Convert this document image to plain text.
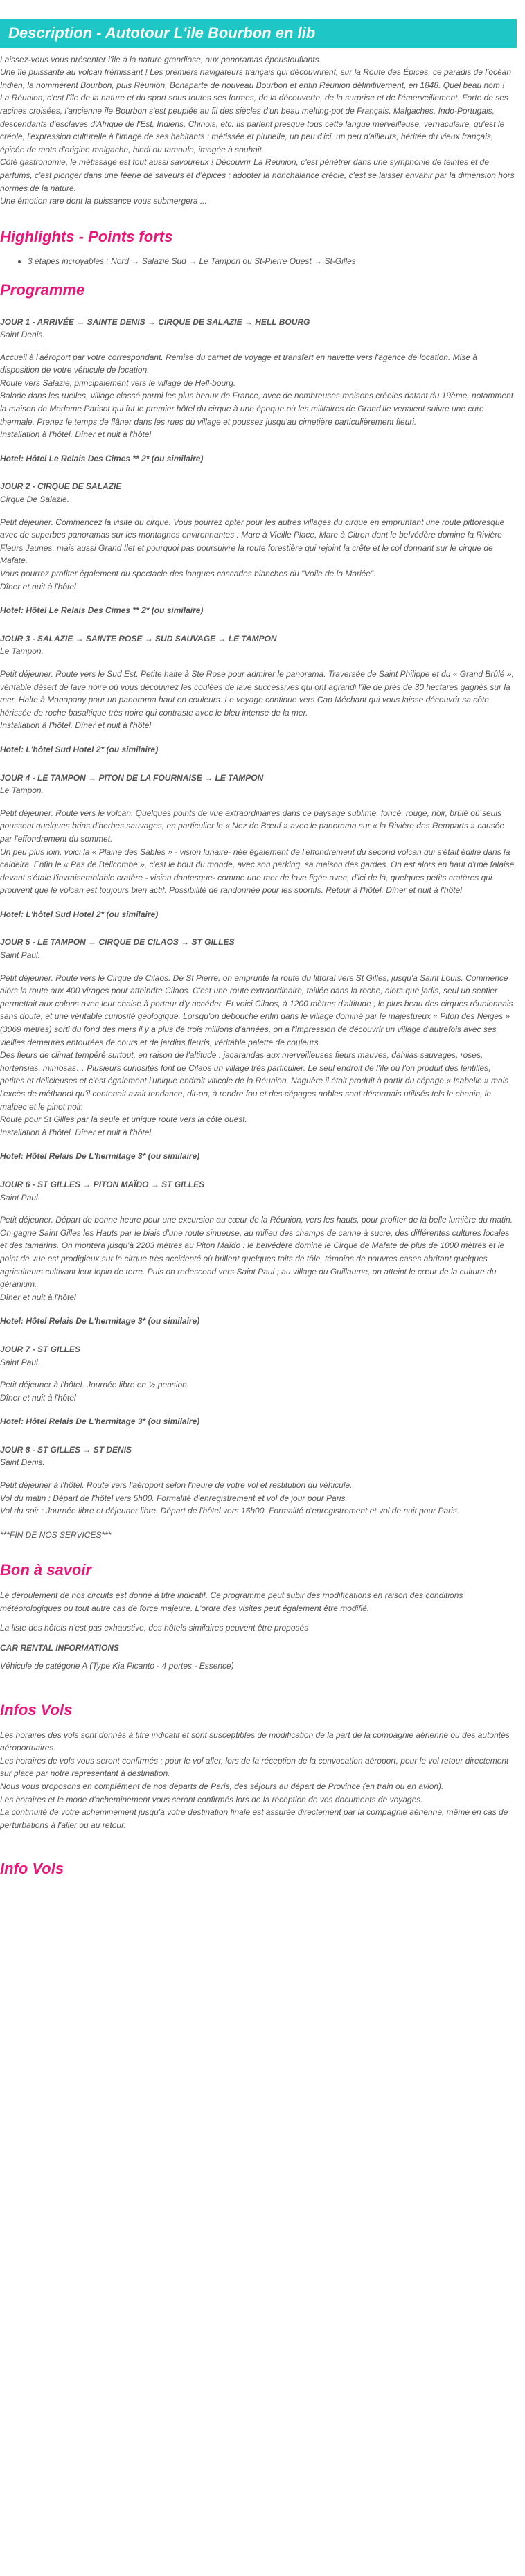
Description - Autotour L'ile Bourbon en lib

Laissez-vous vous présenter l'île à la nature grandiose, aux panoramas époustouflants.

Une île puissante au volcan frémissant ! Les premiers navigateurs français qui découvrirent, sur la Route des Épices, ce paradis de l'océan Indien, la nommèrent Bourbon, puis Réunion, Bonaparte de nouveau Bourbon et enfin Réunion définitivement, en 1848. Quel beau nom !

La Réunion, c'est l'île de la nature et du sport sous toutes ses formes, de la découverte, de la surprise et de l'émerveillement. Forte de ses racines croisées, l'ancienne île Bourbon s'est peuplée au fil des siècles d'un beau melting-pot de Français, Malgaches, Indo-Portugais, descendants d'esclaves d'Afrique de l'Est, Indiens, Chinois, etc. Ils parlent presque tous cette langue merveilleuse, vernaculaire, qu'est le créole, l'expression culturelle à l'image de ses habitants : métissée et plurielle, un peu d'ici, un peu d'ailleurs, héritée du vieux français, épicée de mots d'origine malgache, hindi ou tamoule, imagée à souhait.

Côté gastronomie, le métissage est tout aussi savoureux ! Découvrir La Réunion, c'est pénétrer dans une symphonie de teintes et de parfums, c'est plonger dans une féerie de saveurs et d'épices ; adopter la nonchalance créole, c'est se laisser envahir par la dimension hors normes de la nature.

Une émotion rare dont la puissance vous submergera ...

Highlights - Points forts
• 3 étapes incroyables : Nord → Salazie Sud → Le Tampon ou St-Pierre Ouest → St-Gilles
Programme

JOUR 1 - ARRIVÉE → SAINTE DENIS → CIRQUE DE SALAZIE → HELL BOURG

Saint Denis.

Accueil à l'aéroport par votre correspondant. Remise du carnet de voyage et transfert en navette vers l'agence de location. Mise à disposition de votre véhicule de location.

Route vers Salazie, principalement vers le village de Hell-bourg.

Balade dans les ruelles, village classé parmi les plus beaux de France, avec de nombreuses maisons créoles datant du 19ème, notamment la maison de Madame Parisot qui fut le premier hôtel du cirque à une époque où les militaires de Grand'Ile venaient suivre une cure thermale. Prenez le temps de flâner dans les rues du village et poussez jusqu'au cimetière particulièrement fleuri.

Installation à l'hôtel. Dîner et nuit à l'hôtel

Hotel: Hôtel Le Relais Des Cimes ** 2* (ou similaire)

JOUR 2 - CIRQUE DE SALAZIE

Cirque De Salazie.

Petit déjeuner. Commencez la visite du cirque. Vous pourrez opter pour les autres villages du cirque en empruntant une route pittoresque avec de superbes panoramas sur les montagnes environnantes : Mare à Vieille Place, Mare à Citron dont le belvédère domine la Rivière Fleurs Jaunes, mais aussi Grand Ilet et pourquoi pas poursuivre la route forestière qui rejoint la crête et le col donnant sur le cirque de Mafate.

Vous pourrez profiter également du spectacle des longues cascades blanches du "Voile de la Mariée".

Dîner et nuit à l'hôtel

Hotel: Hôtel Le Relais Des Cimes ** 2* (ou similaire)

JOUR 3 - SALAZIE → SAINTE ROSE → SUD SAUVAGE → LE TAMPON

Le Tampon.

Petit déjeuner. Route vers le Sud Est. Petite halte à Ste Rose pour admirer le panorama. Traversée de Saint Philippe et du « Grand Brûlé », véritable désert de lave noire où vous découvrez les coulées de lave successives qui ont agrandi l'île de près de 30 hectares gagnés sur la mer. Halte à Manapany pour un panorama haut en couleurs. Le voyage continue vers Cap Méchant qui vous laisse découvrir sa côte hérissée de roche basaltique très noire qui contraste avec le bleu intense de la mer.

Installation à l'hôtel. Dîner et nuit à l'hôtel

Hotel: L'hôtel Sud Hotel 2* (ou similaire)

JOUR 4 - LE TAMPON → PITON DE LA FOURNAISE → LE TAMPON

Le Tampon.

Petit déjeuner. Route vers le volcan. Quelques points de vue extraordinaires dans ce paysage sublime, foncé, rouge, noir, brûlé où seuls poussent quelques brins d'herbes sauvages, en particulier le « Nez de Bœuf » avec le panorama sur « la Rivière des Remparts » causée par l'effondrement du sommet.

Un peu plus loin, voici la « Plaine des Sables » - vision lunaire- née également de l'effondrement du second volcan qui s'était édifié dans la caldeira. Enfin le « Pas de Bellcombe », c'est le bout du monde, avec son parking, sa maison des gardes. On est alors en haut d'une falaise, devant s'étale l'invraisemblable cratère - vision dantesque- comme une mer de lave figée avec, d'ici de là, quelques petits cratères qui prouvent que le volcan est toujours bien actif. Possibilité de randonnée pour les sportifs. Retour à l'hôtel. Dîner et nuit à l'hôtel

Hotel: L'hôtel Sud Hotel 2* (ou similaire)

JOUR 5 - LE TAMPON → CIRQUE DE CILAOS → ST GILLES

Saint Paul.

Petit déjeuner. Route vers le Cirque de Cilaos. De St Pierre, on emprunte la route du littoral vers St Gilles, jusqu'à Saint Louis. Commence alors la route aux 400 virages pour atteindre Cilaos. C'est une route extraordinaire, taillée dans la roche, alors que jadis, seul un sentier permettait aux colons avec leur chaise à porteur d'y accéder. Et voici Cilaos, à 1200 mètres d'altitude ; le plus beau des cirques réunionnais sans doute, et une véritable curiosité géologique. Lorsqu'on débouche enfin dans le village dominé par le majestueux « Piton des Neiges » (3069 mètres) sorti du fond des mers il y a plus de trois millions d'années, on a l'impression de découvrir un village d'autrefois avec ses vieilles demeures entourées de cours et de jardins fleuris, véritable palette de couleurs.

Des fleurs de climat tempéré surtout, en raison de l'altitude : jacarandas aux merveilleuses fleurs mauves, dahlias sauvages, roses, hortensias, mimosas… Plusieurs curiosités font de Cilaos un village très particulier. Le seul endroit de l'île où l'on produit des lentilles, petites et délicieuses et c'est également l'unique endroit viticole de la Réunion. Naguère il était produit à partir du cépage « Isabelle » mais l'excès de méthanol qu'il contenait avait tendance, dit-on, à rendre fou et des cépages nobles sont désormais utilisés tels le chenin, le malbec et le pinot noir.

Route pour St Gilles par la seule et unique route vers la côte ouest.

Installation à l'hôtel. Dîner et nuit à l'hôtel

Hotel: Hôtel Relais De L'hermitage 3* (ou similaire)

JOUR 6 - ST GILLES → PITON MAÏDO → ST GILLES

Saint Paul.

Petit déjeuner. Départ de bonne heure pour une excursion au cœur de la Réunion, vers les hauts, pour profiter de la belle lumière du matin.

On gagne Saint Gilles les Hauts par le biais d'une route sinueuse, au milieu des champs de canne à sucre, des différentes cultures locales et des tamarins. On montera jusqu'à 2203 mètres au Piton Maïdo : le belvédère domine le Cirque de Mafate de plus de 1000 mètres et le point de vue est prodigieux sur le cirque très accidenté où brillent quelques toits de tôle, témoins de pauvres cases abritant quelques agriculteurs cultivant leur lopin de terre. Puis on redescend vers Saint Paul ; au village du Guillaume, on atteint le cœur de la culture du géranium.

Dîner et nuit à l'hôtel

Hotel: Hôtel Relais De L'hermitage 3* (ou similaire)

JOUR 7 - ST GILLES

Saint Paul.

Petit déjeuner à l'hôtel. Journée libre en ½ pension.

Dîner et nuit à l'hôtel

Hotel: Hôtel Relais De L'hermitage 3* (ou similaire)

JOUR 8 - ST GILLES → ST DENIS

Saint Denis.

Petit déjeuner à l'hôtel. Route vers l'aéroport selon l'heure de votre vol et restitution du véhicule.

Vol du matin : Départ de l'hôtel vers 5h00. Formalité d'enregistrement et vol de jour pour Paris.

Vol du soir : Journée libre et déjeuner libre. Départ de l'hôtel vers 16h00. Formalité d'enregistrement et vol de nuit pour Paris.

***FIN DE NOS SERVICES***

Bon à savoir

Le déroulement de nos circuits est donné à titre indicatif. Ce programme peut subir des modifications en raison des conditions météorologiques ou tout autre cas de force majeure. L'ordre des visites peut également être modifié.

La liste des hôtels n'est pas exhaustive, des hôtels similaires peuvent être proposés

CAR RENTAL INFORMATIONS

Véhicule de catégorie A (Type Kia Picanto - 4 portes - Essence)

Infos Vols

Les horaires des vols sont donnés à titre indicatif et sont susceptibles de modification de la part de la compagnie aérienne ou des autorités aéroportuaires.

Les horaires de vols vous seront confirmés : pour le vol aller, lors de la réception de la convocation aéroport, pour le vol retour directement sur place par notre représentant à destination.

Nous vous proposons en complément de nos départs de Paris, des séjours au départ de Province (en train ou en avion).

Les horaires et le mode d'acheminement vous seront confirmés lors de la réception de vos documents de voyages.

La continuité de votre acheminement jusqu'à votre destination finale est assurée directement par la compagnie aérienne, même en cas de perturbations à l'aller ou au retour.

Info Vols
